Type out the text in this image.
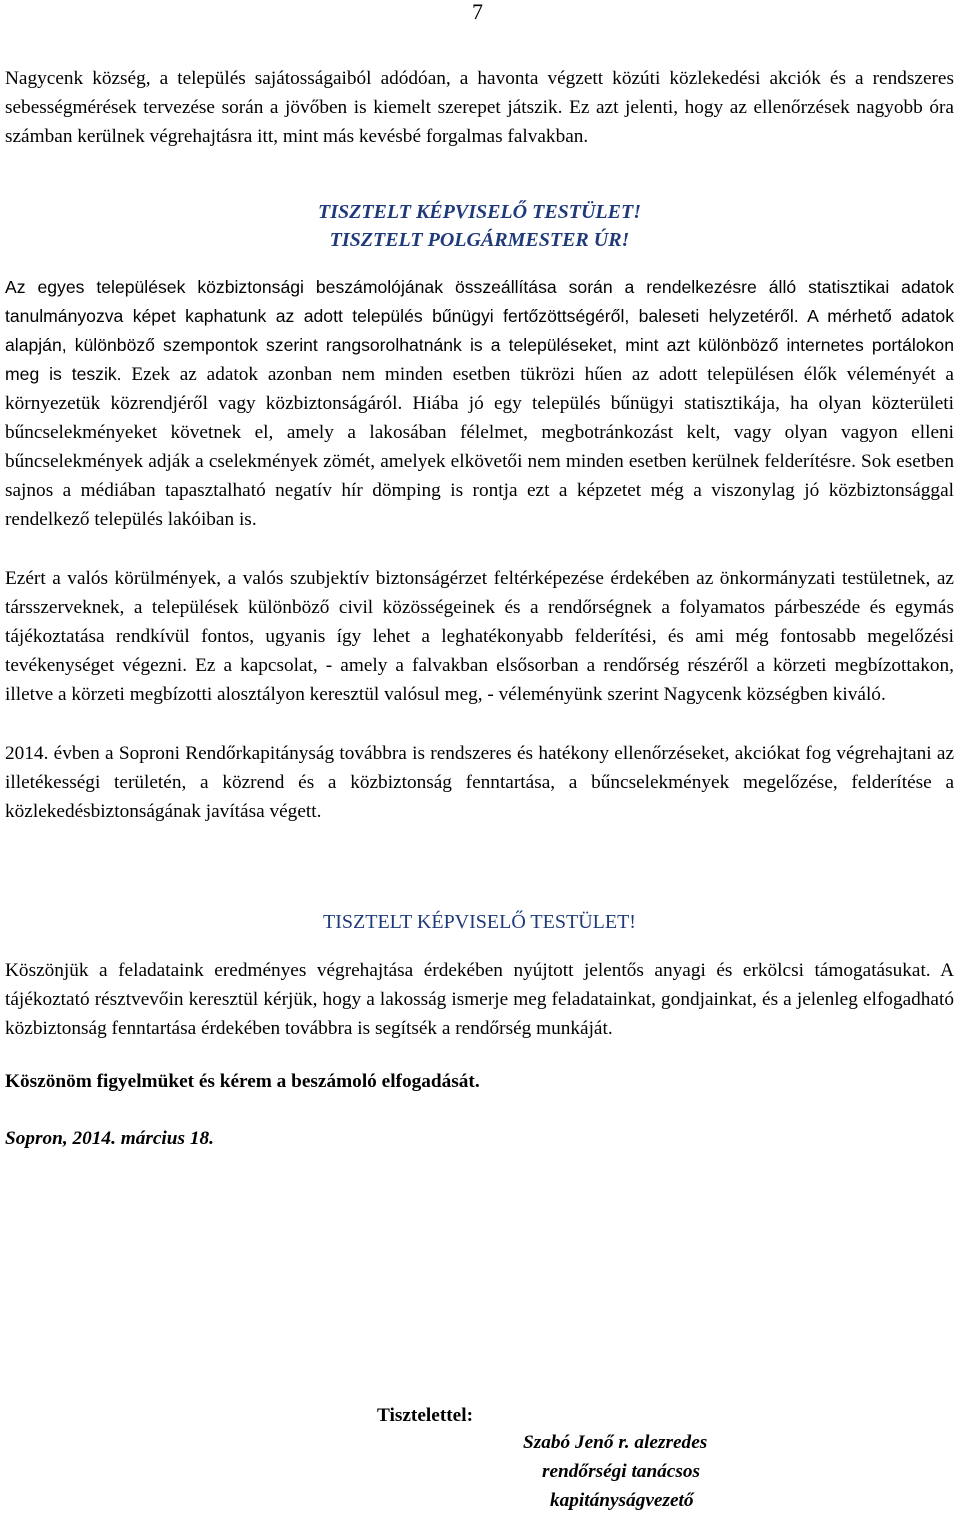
7

Nagycenk község, a település sajátosságaiból adódóan, a havonta végzett közúti közlekedési akciók és a rendszeres sebességmérések tervezése során a jövőben is kiemelt szerepet játszik. Ez azt jelenti, hogy az ellenőrzések nagyobb óra számban kerülnek végrehajtásra itt, mint más kevésbé forgalmas falvakban.

TISZTELT KÉPVISELŐ TESTÜLET!
TISZTELT POLGÁRMESTER ÚR!

Az egyes települések közbiztonsági beszámolójának összeállítása során a rendelkezésre álló statisztikai adatok tanulmányozva képet kaphatunk az adott település bűnügyi fertőzöttségéről, baleseti helyzetéről. A mérhető adatok alapján, különböző szempontok szerint rangsorolhatnánk is a településeket, mint azt különböző internetes portálokon meg is teszik. Ezek az adatok azonban nem minden esetben tükrözi hűen az adott településen élők véleményét a környezetük közrendjéről vagy közbiztonságáról. Hiába jó egy település bűnügyi statisztikája, ha olyan közterületi bűncselekményeket követnek el, amely a lakosában félelmet, megbotránkozást kelt, vagy olyan vagyon elleni bűncselekmények adják a cselekmények zömét, amelyek elkövetői nem minden esetben kerülnek felderítésre. Sok esetben sajnos a médiában tapasztalható negatív hír dömping is rontja ezt a képzetet még a viszonylag jó közbiztonsággal rendelkező település lakóiban is.

Ezért a valós körülmények, a valós szubjektív biztonságérzet feltérképezése érdekében az önkormányzati testületnek, az társszerveknek, a települések különböző civil közösségeinek és a rendőrségnek a folyamatos párbeszéde és egymás tájékoztatása rendkívül fontos, ugyanis így lehet a leghatékonyabb felderítési, és ami még fontosabb megelőzési tevékenységet végezni. Ez a kapcsolat, - amely a falvakban elsősorban a rendőrség részéről a körzeti megbízottakon, illetve a körzeti megbízotti alosztályon keresztül valósul meg, - véleményünk szerint Nagycenk községben kiváló.

2014. évben a Soproni Rendőrkapitányság továbbra is rendszeres és hatékony ellenőrzéseket, akciókat fog végrehajtani az illetékességi területén, a közrend és a közbiztonság fenntartása, a bűncselekmények megelőzése, felderítése a közlekedésbiztonságának javítása végett.

TISZTELT KÉPVISELŐ TESTÜLET!

Köszönjük a feladataink eredményes végrehajtása érdekében nyújtott jelentős anyagi és erkölcsi támogatásukat. A tájékoztató résztvevőin keresztül kérjük, hogy a lakosság ismerje meg feladatainkat, gondjainkat, és a jelenleg elfogadható közbiztonság fenntartása érdekében továbbra is segítsék a rendőrség munkáját.

Köszönöm figyelmüket és kérem a beszámoló elfogadását.

Sopron, 2014. március 18.

Tisztelettel:
Szabó Jenő r. alezredes
rendőrségi tanácsos
kapitányságvezető
